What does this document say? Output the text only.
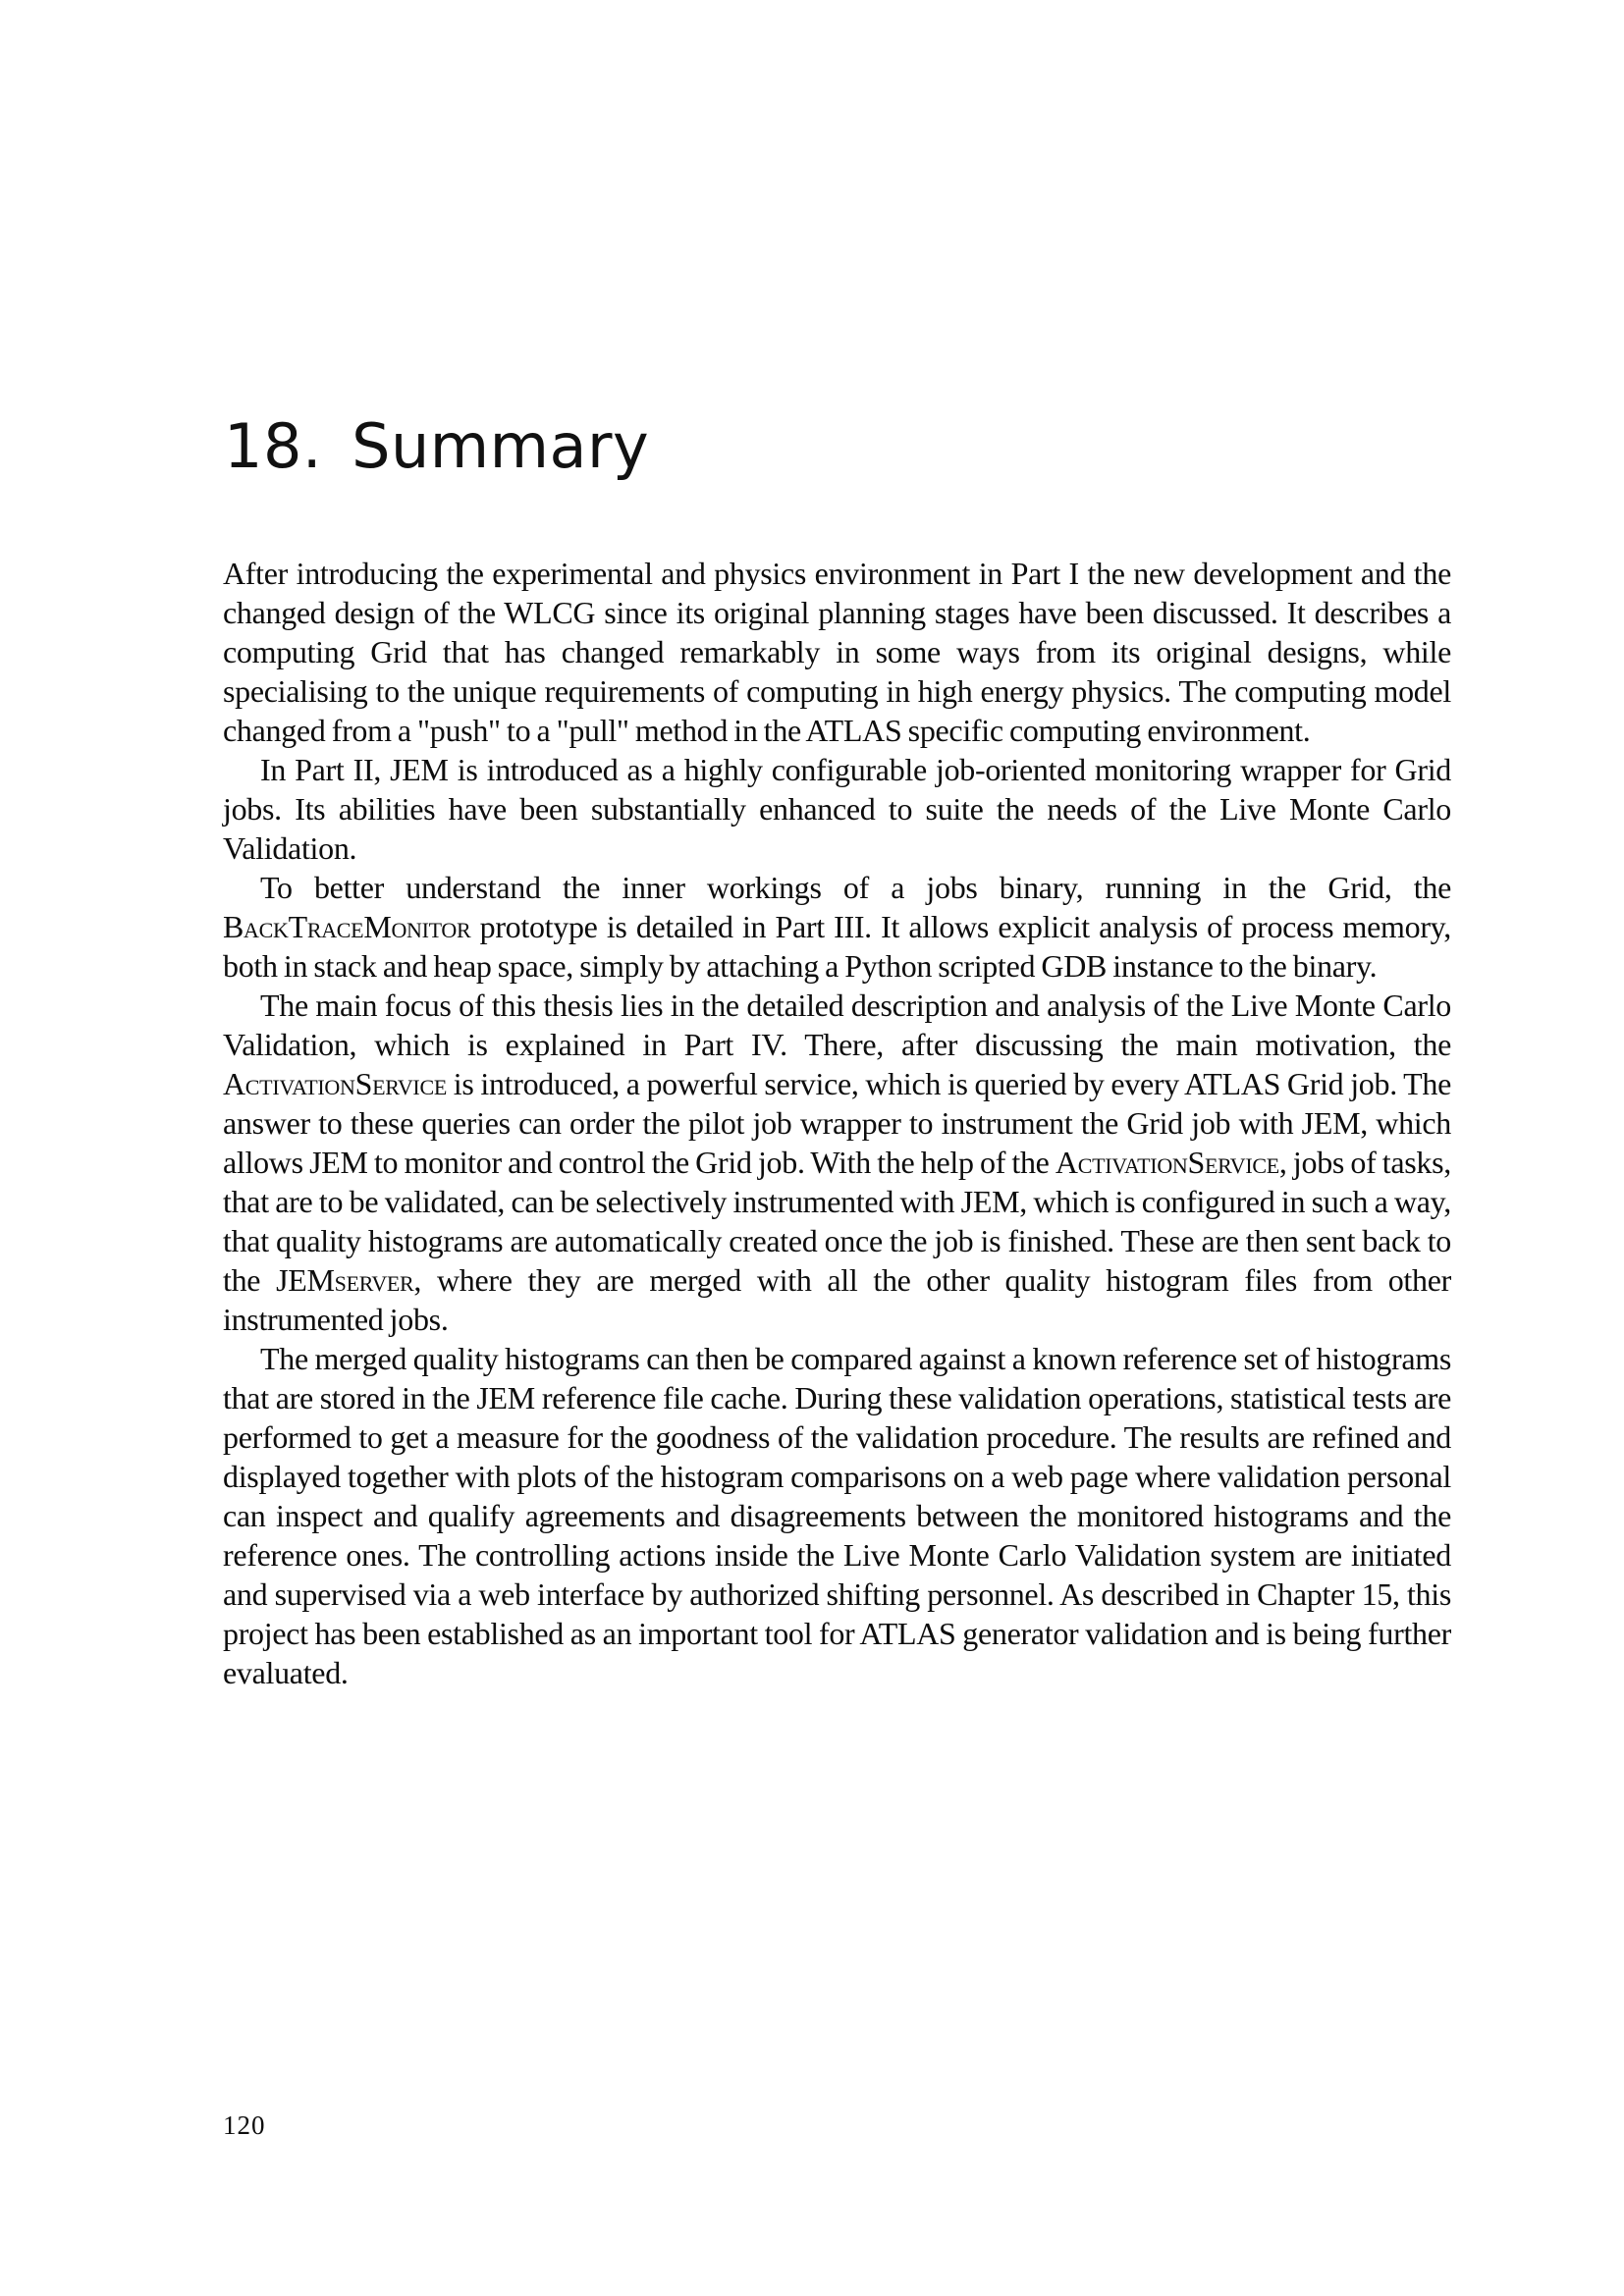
18. Summary

After introducing the experimental and physics environment in Part I the new development and the changed design of the WLCG since its original planning stages have been discussed. It describes a computing Grid that has changed remarkably in some ways from its original designs, while specialising to the unique requirements of computing in high energy physics. The computing model changed from a "push" to a "pull" method in the ATLAS specific computing environment.

In Part II, JEM is introduced as a highly configurable job-oriented monitoring wrapper for Grid jobs. Its abilities have been substantially enhanced to suite the needs of the Live Monte Carlo Validation.

To better understand the inner workings of a jobs binary, running in the Grid, the BackTraceMonitor prototype is detailed in Part III. It allows explicit analysis of process memory, both in stack and heap space, simply by attaching a Python scripted GDB instance to the binary.

The main focus of this thesis lies in the detailed description and analysis of the Live Monte Carlo Validation, which is explained in Part IV. There, after discussing the main motivation, the ActivationService is introduced, a powerful service, which is queried by every ATLAS Grid job. The answer to these queries can order the pilot job wrapper to instrument the Grid job with JEM, which allows JEM to monitor and control the Grid job. With the help of the ActivationService, jobs of tasks, that are to be validated, can be selectively instrumented with JEM, which is configured in such a way, that quality histograms are automatically created once the job is finished. These are then sent back to the JEMserver, where they are merged with all the other quality histogram files from other instrumented jobs.

The merged quality histograms can then be compared against a known reference set of histograms that are stored in the JEM reference file cache. During these validation operations, statistical tests are performed to get a measure for the goodness of the validation procedure. The results are refined and displayed together with plots of the histogram comparisons on a web page where validation personal can inspect and qualify agreements and disagreements between the monitored histograms and the reference ones. The controlling actions inside the Live Monte Carlo Validation system are initiated and supervised via a web interface by authorized shifting personnel. As described in Chapter 15, this project has been established as an important tool for ATLAS generator validation and is being further evaluated.

120
